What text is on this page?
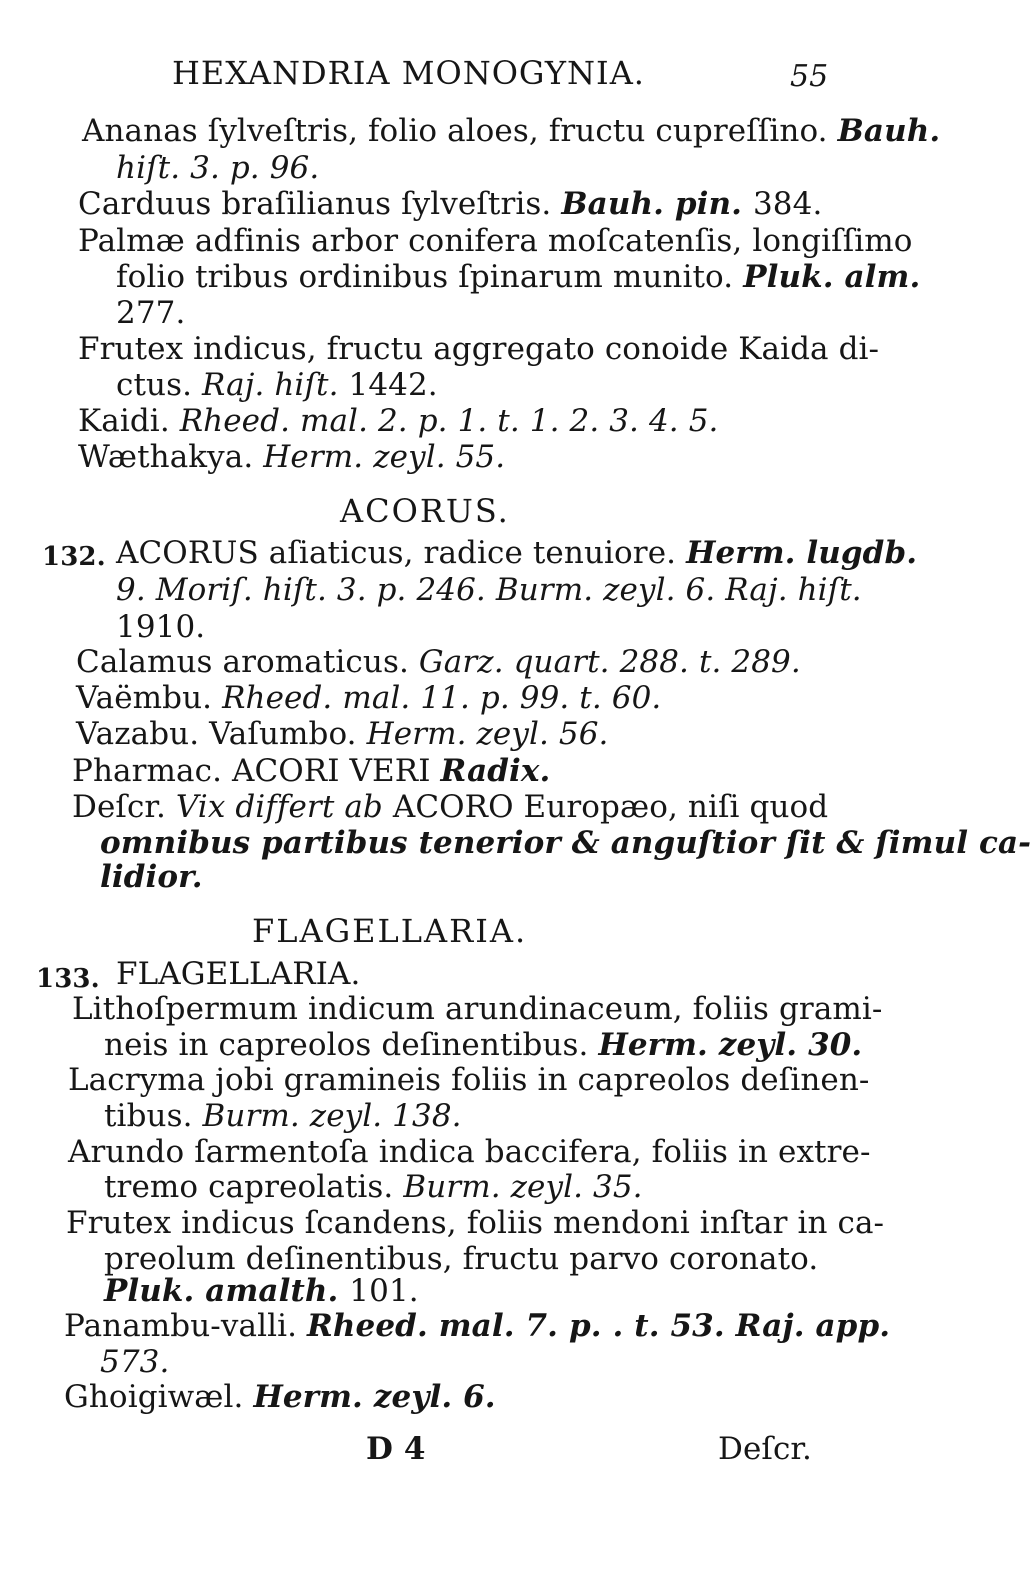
HEXANDRIA MONOGYNIA.	55
Ananas ſylveſtris, folio aloes, fructu cupreſſino. Bauh.
hiſt. 3. p. 96.
Carduus braſilianus ſylveſtris. Bauh. pin. 384.
Palmæ adfinis arbor conifera moſcatenſis, longiſſimo
folio tribus ordinibus ſpinarum munito. Pluk. alm.
277.
Frutex indicus, fructu aggregato conoide Kaida di-
ctus. Raj. hiſt. 1442.
Kaidi. Rheed. mal. 2. p. 1. t. 1. 2. 3. 4. 5.
Wæthakya. Herm. zeyl. 55.
ACORUS.
132. ACORUS aſiaticus, radice tenuiore. Herm. lugdb.
9. Moriſ. hiſt. 3. p. 246. Burm. zeyl. 6. Raj. hiſt.
1910.
Calamus aromaticus. Garz. quart. 288. t. 289.
Vaëmbu. Rheed. mal. 11. p. 99. t. 60.
Vazabu. Vaſumbo. Herm. zeyl. 56.
Pharmac. ACORI VERI Radix.
Deſcr. Vix differt ab ACORO Europæo, niſi quod
omnibus partibus tenerior & anguſtior ſit & ſimul ca-
lidior.
FLAGELLARIA.
133. FLAGELLARIA.
Lithoſpermum indicum arundinaceum, foliis grami-
neis in capreolos deſinentibus. Herm. zeyl. 30.
Lacryma jobi gramineis foliis in capreolos deſinen-
tibus. Burm. zeyl. 138.
Arundo ſarmentoſa indica baccifera, foliis in extre-
tremo capreolatis. Burm. zeyl. 35.
Frutex indicus ſcandens, foliis mendoni inſtar in ca-
preolum deſinentibus, fructu parvo coronato.
Pluk. amalth. 101.
Panambu-valli. Rheed. mal. 7. p. . t. 53. Raj. app.
573.
Ghoigiwæl. Herm. zeyl. 6.
D 4	Deſcr.
